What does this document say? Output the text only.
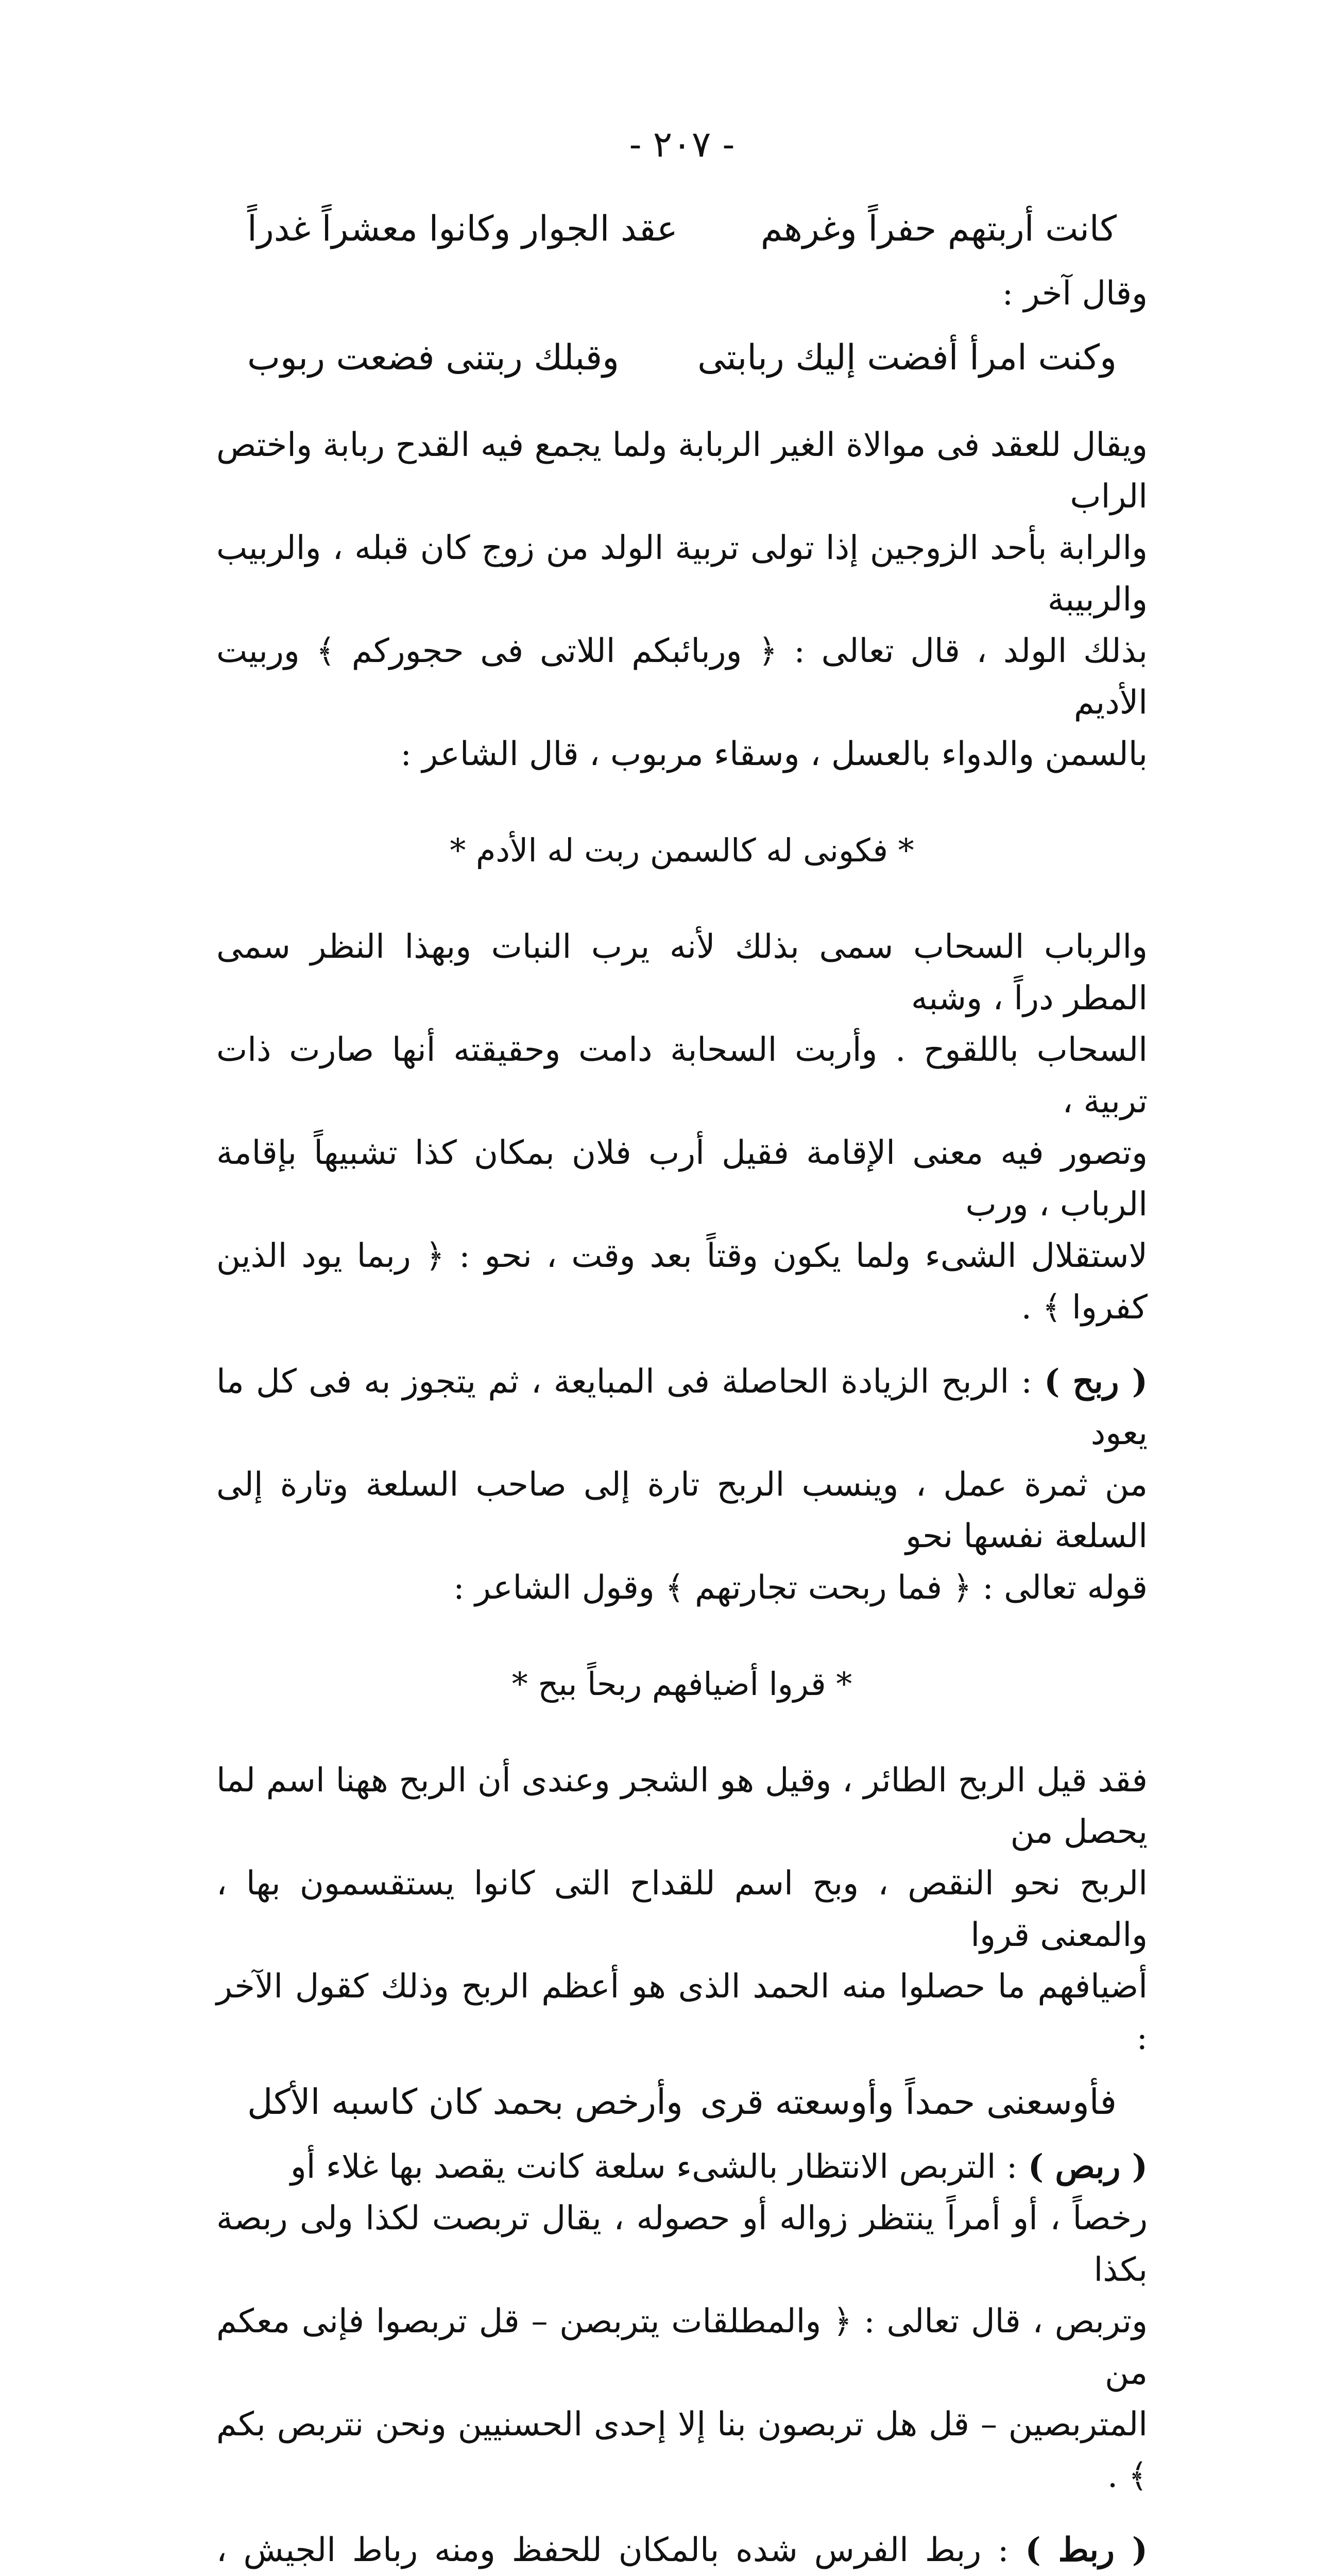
- ٢٠٧ -
كانت أربتهم حفراً وغرهم
عقد الجوار وكانوا معشراً غدراً

وقال آخر :

وكنت امرأ أفضت إليك ربابتى
وقبلك ربتنى فضعت ربوب

ويقال للعقد فى موالاة الغير الربابة ولما يجمع فيه القدح ربابة واختص الراب

والرابة بأحد الزوجين إذا تولى تربية الولد من زوج كان قبله ، والربيب والربيبة

بذلك الولد ، قال تعالى : ﴿ وربائبكم اللاتى فى حجوركم ﴾ وربيت الأديم

بالسمن والدواء بالعسل ، وسقاء مربوب ، قال الشاعر :

* فكونى له كالسمن ربت له الأدم *

والرباب السحاب سمى بذلك لأنه يرب النبات وبهذا النظر سمى المطر دراً ، وشبه

السحاب باللقوح . وأربت السحابة دامت وحقيقته أنها صارت ذات تربية ،

وتصور فيه معنى الإقامة فقيل أرب فلان بمكان كذا تشبيهاً بإقامة الرباب ، ورب

لاستقلال الشىء ولما يكون وقتاً بعد وقت ، نحو : ﴿ ربما يود الذين كفروا ﴾ .

( ربح ) : الربح الزيادة الحاصلة فى المبايعة ، ثم يتجوز به فى كل ما يعود

من ثمرة عمل ، وينسب الربح تارة إلى صاحب السلعة وتارة إلى السلعة نفسها نحو

قوله تعالى : ﴿ فما ربحت تجارتهم ﴾ وقول الشاعر :

* قروا أضيافهم ربحاً ببح *

فقد قيل الربح الطائر ، وقيل هو الشجر وعندى أن الربح ههنا اسم لما يحصل من

الربح نحو النقص ، وبح اسم للقداح التى كانوا يستقسمون بها ، والمعنى قروا

أضيافهم ما حصلوا منه الحمد الذى هو أعظم الربح وذلك كقول الآخر :

فأوسعنى حمداً وأوسعته قرى
وأرخص بحمد كان كاسبه الأكل

( ربص ) : التربص الانتظار بالشىء سلعة كانت يقصد بها غلاء أو

رخصاً ، أو أمراً ينتظر زواله أو حصوله ، يقال تربصت لكذا ولى ربصة بكذا

وتربص ، قال تعالى : ﴿ والمطلقات يتربصن – قل تربصوا فإنى معكم من

المتربصين – قل هل تربصون بنا إلا إحدى الحسنيين ونحن نتربص بكم ﴾ .

( ربط ) : ربط الفرس شده بالمكان للحفظ ومنه رباط الجيش ،
